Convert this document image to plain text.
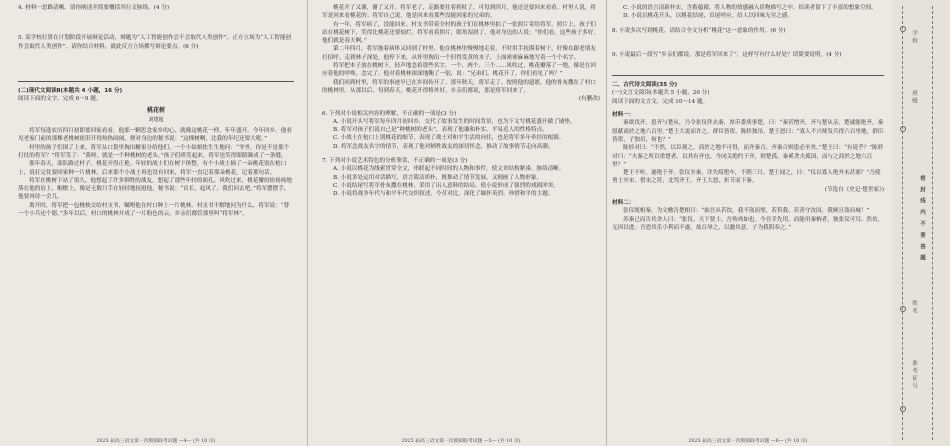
4. 材料一思路清晰，请你阐述并简要概括其行文脉络。(4 分)

5. 某学校打算在计划阶段开展辩论活动，辩题为“人工智能创作会不会取代人类创作”。正方立场为“人工智能创作会取代人类创作”。请你结合材料，就此反方立场撰写辩论要点。(6 分)

(二)现代文阅读Ⅱ(本题共 4 小题，16 分)

阅读下面的文字，完成 6～9 题。

桃花树

刘建超

将军每逢农历四月初即要回家看看，他那一颗思念家乡的心，就像这桃花一样，年年盛开。今年回乡，他看见老家门前的那棵老桃树依旧开得热热闹闹，便对身边的秘书说：“这棵树啊，比我的年纪还要大呢。”

村里的孩子们围了上来，将军从口袋里掏出糖果分给他们。一个小姑娘怯生生地问：“爷爷，你是不是那个打仗的将军？”将军笑了：“我呀，就是一个种桃树的老头。”孩子们哄笑起来，将军也笑得眼睛眯成了一条缝。

那年春天，部队路过村子，桃花开得正艳。年轻的战士们在树下休整，有个小战士摘了一朵桃花别在枪口上，说打完仗要回家种一片桃林。后来那个小战士再也没有回来，将军一直记着那朵桃花，记着那句话。

将军在桃树下站了很久，他想起了许多牺牲的战友，想起了那些年轻的面孔。风吹过来，桃花瓣纷纷扬扬地落在他的肩上、帽檐上，像是无数只手在轻轻地抚慰他。秘书说：“首长，起风了，我们回去吧。”将军摆摆手，他要再待一会儿。

离开时，将军把一包桃核交给村支书，嘱咐他在村口种上一片桃林。村支书不解地问为什么，将军说：“替一个小兵还个愿。”多年以后，村口的桃林开成了一片粉色的云，乡亲们都管那里叫“将军林”。

2025 届高三语文第一次模拟联考试题 —4— (共 10 页)

桃花开了又谢，谢了又开。将军老了，走路要拄着拐杖了，可每到四月，他还是要回来看看。村里人说，将军是回来看桃花的；将军自己说，他是回来看那些没能回家的兄弟的。

有一年，将军病了，没能回来。村支书带着全村的孩子们在桃林里拍了一张照片寄给将军。照片上，孩子们站在桃花树下，笑得比桃花还要灿烂。将军看着照片，眼角湿润了，他对身边的人说：“你们看，这些孩子多好，他们就是春天啊。”

第二年四月，将军拖着病体又回到了村里。他在桃林里慢慢地走着，不时用手抚摸着树干，好像在跟老朋友打招呼。走到林子深处，他停下来，从怀里掏出一个旧得发黄的本子，上面密密麻麻地写着一个个名字。

将军把本子放在桃树下，轻声地念着那些名字，一个、两个、三个……风吹过，桃花瓣落了一地，像是在回应着他的呼唤。念完了，他对着桃林深深地鞠了一躬，说：“兄弟们，桃花开了，你们看见了吗？”

我们回到村里，将军的事迹早已在乡间传开了。那年秋天，将军走了。按照他的遗愿，他的骨灰撒在了村口的桃林里。从那以后，每到春天，桃花开得格外好，乡亲们都说，那是将军回来了。

(有删改)

6. 下列对小说相关内容的理解，不正确的一项是(3 分)

A. 小说开头写将军每年四月初回乡，交代了故事发生的时间背景，也为下文写桃花盛开做了铺垫。

B. 将军对孩子们说自己是“种桃树的老头”，表现了他谦和朴实、平易近人的性格特点。

C. 小战士在枪口上别桃花的细节，表现了战士对和平生活的向往，也是将军多年牵挂的根源。

D. 将军念战友名字的情节，表现了他对牺牲战友的深切怀念，推动了故事情节走向高潮。

7. 下列对小说艺术特色的分析鉴赏，不正确的一项是(3 分)

A. 小说以桃花为线索贯穿全文，串联起不同时间的人物和事件，使文章结构紧凑、脉络清晰。

B. 小说多处运用对话描写，语言简洁质朴，既推动了情节发展，又刻画了人物形象。

C. 小说结尾写将军骨灰撒在桃林，采用了出人意料的结局，使小说形成了强烈的戏剧冲突。

D. 小说将战争年代与和平年代交织叙述，今昔对比，深化了缅怀英烈、珍惜和平的主题。

2025 届高三语文第一次模拟联考试题 —5— (共 10 页)

C. 小说的语言清新朴实，含蓄蕴藉，将人物的情感融入景物描写之中，给读者留下了丰富的想象空间。

D. 小说以桃花开头，以桃花结尾，首尾呼应，给人以回味无穷之感。

8. 小说多次写到桃花，请结合全文分析“桃花”这一意象的作用。(6 分)

9. 小说最后一段写“乡亲们都说，那是将军回来了”，这样写有什么好处？请简要说明。(4 分)

二、古代诗文阅读(35 分)

(一)文言文阅读(本题共 5 小题，20 分)

阅读下面的文言文，完成 10～14 题。

材料一：

秦欲伐齐，患齐与楚从，乃令张仪佯去秦，厚币委质事楚，曰：“秦甚憎齐，齐与楚从亲，楚诚能绝齐，秦愿献商於之地六百里。”楚王大说而许之。群臣皆贺，陈轸独吊。楚王怒曰：“寡人不兴师发兵得六百里地，群臣皆贺，子独吊，何也？”

陈轸对曰：“不然，以臣观之，商於之地不可得，而齐秦合，齐秦合则患必至矣。”楚王曰：“有说乎？”陈轸对曰：“夫秦之所以重楚者，以其有齐也。今闭关绝约于齐，则楚孤。秦奚贪夫孤国，而与之商於之地六百里？”

楚王不听，遂绝于齐。张仪至秦，详失绥堕车，不朝三月。楚王闻之，曰：“仪以寡人绝齐未甚邪？”乃使勇士至宋，借宋之符，北骂齐王。齐王大怒，折节而下秦。

(节选自《史记·楚世家》)

材料二：

张仪既相秦，为文檄告楚相曰：“始吾从若饮，我不盗而璧，若笞我。若善守汝国，我顾且盗而城！”

苏秦已而告其舍人曰：“张仪，天下贤士，吾殆弗如也。今吾幸先用，而能用秦柄者，独张仪可耳。然贫，无因以进。吾恐其乐小利而不遂，故召辱之，以激其意。子为我阴奉之。”

2025 届高三语文第一次模拟联考试题 —6— (共 10 页)
学校
班级
密 封 线 内 不 要 答 题
姓名
准考证号
